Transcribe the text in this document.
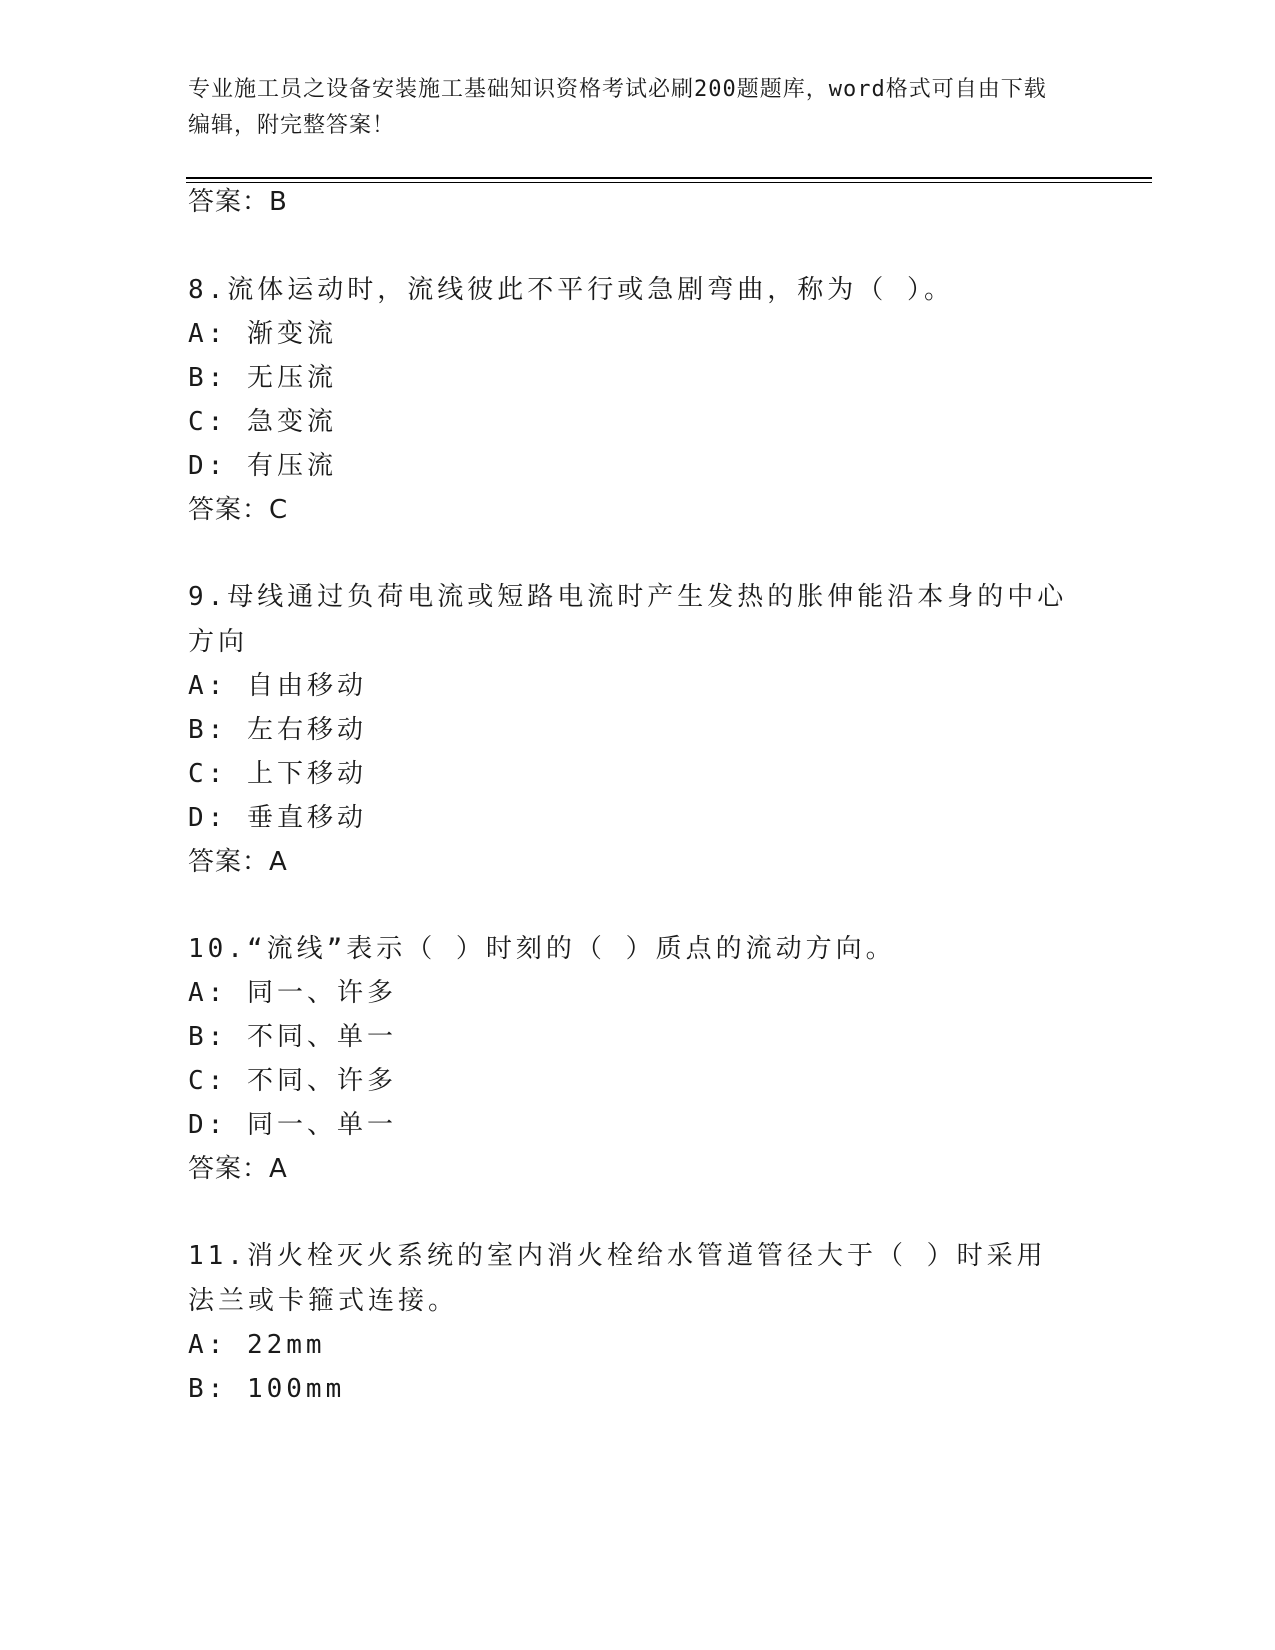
专业施工员之设备安装施工基础知识资格考试必刷200题题库，word格式可自由下载编辑，附完整答案！
答案：B
8.流体运动时，流线彼此不平行或急剧弯曲，称为（ ）。
A: 渐变流
B: 无压流
C: 急变流
D: 有压流
答案：C
9.母线通过负荷电流或短路电流时产生发热的胀伸能沿本身的中心方向
A: 自由移动
B: 左右移动
C: 上下移动
D: 垂直移动
答案：A
10.“流线”表示（ ）时刻的（ ）质点的流动方向。
A: 同一、许多
B: 不同、单一
C: 不同、许多
D: 同一、单一
答案：A
11.消火栓灭火系统的室内消火栓给水管道管径大于（ ）时采用法兰或卡箍式连接。
A: 22mm
B: 100mm
